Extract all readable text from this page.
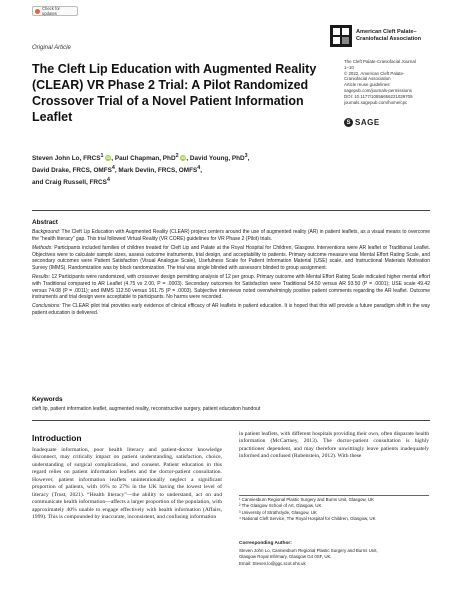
Check for updates
Original Article
American Cleft Palate–
Craniofacial Association
The Cleft Palate-Craniofacial Journal
1–10
© 2022, American Cleft Palate-
Craniofacial Association
Article reuse guidelines:
sagepub.com/journals-permissions
DOI: 10.1177/10556656221039709
journals.sagepub.com/home/cpc
S SAGE
The Cleft Lip Education with Augmented Reality (CLEAR) VR Phase 2 Trial: A Pilot Randomized Crossover Trial of a Novel Patient Information Leaflet
Steven John Lo, FRCS$^1$ iD, Paul Chapman, PhD$^2$ iD, David Young, PhD$^3$,
David Drake, FRCS, OMFS$^4$, Mark Devlin, FRCS, OMFS$^4$,
and Craig Russell, FRCS$^4$
Abstract

Background: The Cleft Lip Education with Augmented Reality (CLEAR) project centers around the use of augmented reality (AR) in patient leaflets, as a visual means to overcome the “health literacy” gap. This trial followed Virtual Reality (VR CORE) guidelines for VR Phase 2 (Pilot) trials.

Methods: Participants included families of children treated for Cleft Lip and Palate at the Royal Hospital for Children, Glasgow. Interventions were AR leaflet or Traditional Leaflet. Objectives were to calculate sample sizes, assess outcome instruments, trial design, and acceptability to patients. Primary outcome measure was Mental Effort Rating Scale, and secondary outcomes were Patient Satisfaction (Visual Analogue Scale), Usefulness Scale for Patient Information Material (USE) scale, and Instructional Materials Motivation Survey (IMMS). Randomization was by block randomization. The trial was single blinded with assessors blinded to group assignment.

Results: 12 Participants were randomized, with crossover design permitting analysis of 12 per group. Primary outcome with Mental Effort Rating Scale indicated higher mental effort with Traditional compared to AR Leaflet (4.75 vs 2.00, P = .0003). Secondary outcomes for Satisfaction were Traditional 54.50 versus AR 93.50 (P = .0001); USE scale 49.42 versus 74.08 (P = .0011); and IMMS 112.50 versus 161.75 (P = .0003). Subjective interviews noted overwhelmingly positive patient comments regarding the AR leaflet. Outcome instruments and trial design were acceptable to participants. No harms were recorded.

Conclusions: The CLEAR pilot trial provides early evidence of clinical efficacy of AR leaflets in patient education. It is hoped that this will provide a future paradigm shift in the way patient education is delivered.

Keywords
cleft lip, patient information leaflet, augmented reality, reconstructive surgery, patient education handout
Introduction
Inadequate information, poor health literacy and patient-doctor knowledge disconnect, may critically impact on patient understanding, satisfaction, choice, understanding of surgical complications, and consent. Patient education in this regard relies on patient information leaflets and the doctor-patient consultation. However, patient information leaflets unintentionally neglect a significant proportion of patients, with 16% to 27% in the UK having the lowest level of literacy (Trust, 2021). “Health literacy”—the ability to understand, act on and communicate health information—affects a larger proportion of the population, with approximately 40% unable to engage effectively with health information (Affairs, 1999). This is compounded by inaccurate, inconsistent, and confusing information
in patient leaflets, with different hospitals providing their own, often disparate health information (McCartney, 2013). The doctor-patient consultation is highly practitioner dependent, and may therefore unwittingly leave patients inadequately informed and confused (Rubenstein, 2012). With these
¹ Canniesburn Regional Plastic Surgery and Burns Unit, Glasgow, UK
² The Glasgow School of Art, Glasgow, UK
³ University of Strathclyde, Glasgow, UK
⁴ National Cleft Service, The Royal Hospital for Children, Glasgow, UK
Corresponding Author:
Steven John Lo, Canniesburn Regional Plastic Surgery and Burns Unit,
Glasgow Royal Infirmary, Glasgow G4 0SF, UK.
Email: Steven.lo@ggc.scot.nhs.uk
